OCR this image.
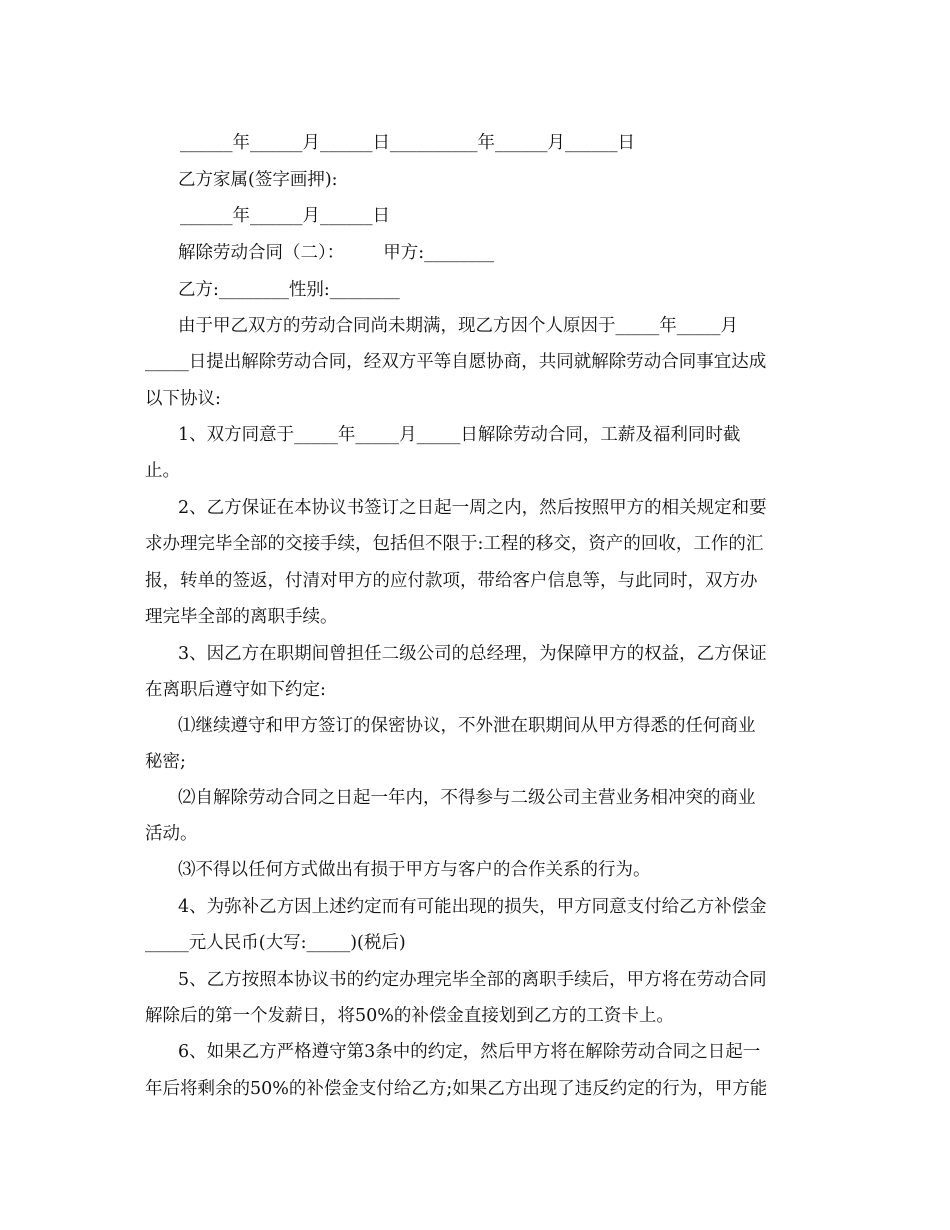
______年______月______日__________年______月______日
乙方家属(签字画押):
______年______月______日
解除劳动合同（二）：       甲方:________
乙方:________性别:________
由于甲乙双方的劳动合同尚未期满，现乙方因个人原因于_____年_____月
_____日提出解除劳动合同，经双方平等自愿协商，共同就解除劳动合同事宜达成
以下协议:
1、双方同意于_____年_____月_____日解除劳动合同，工薪及福利同时截
止。
2、乙方保证在本协议书签订之日起一周之内，然后按照甲方的相关规定和要
求办理完毕全部的交接手续，包括但不限于:工程的移交，资产的回收，工作的汇
报，转单的签返，付清对甲方的应付款项，带给客户信息等，与此同时，双方办
理完毕全部的离职手续。
3、因乙方在职期间曾担任二级公司的总经理，为保障甲方的权益，乙方保证
在离职后遵守如下约定:
⑴继续遵守和甲方签订的保密协议，不外泄在职期间从甲方得悉的任何商业
秘密;
⑵自解除劳动合同之日起一年内，不得参与二级公司主营业务相冲突的商业
活动。
⑶不得以任何方式做出有损于甲方与客户的合作关系的行为。
4、为弥补乙方因上述约定而有可能出现的损失，甲方同意支付给乙方补偿金
_____元人民币(大写:_____)(税后)
5、乙方按照本协议书的约定办理完毕全部的离职手续后，甲方将在劳动合同
解除后的第一个发薪日，将50%的补偿金直接划到乙方的工资卡上。
6、如果乙方严格遵守第3条中的约定，然后甲方将在解除劳动合同之日起一
年后将剩余的50%的补偿金支付给乙方;如果乙方出现了违反约定的行为，甲方能
